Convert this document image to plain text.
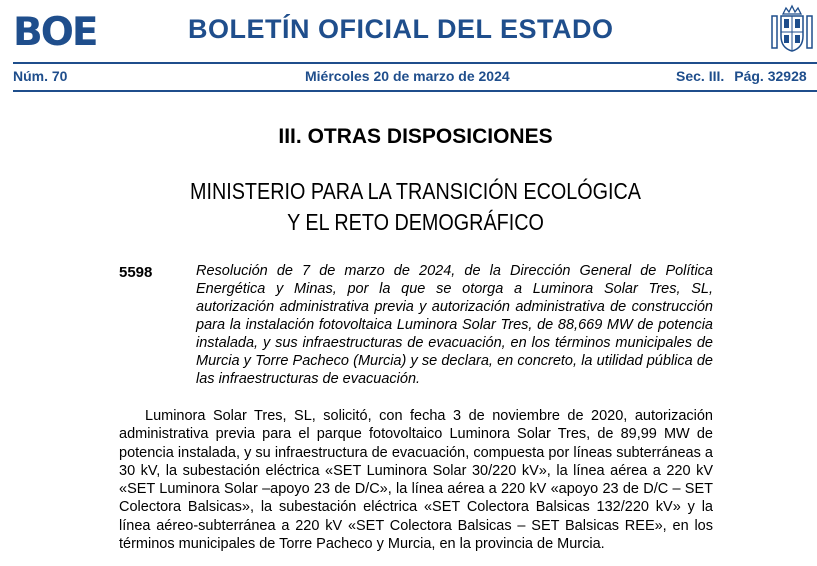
BOE	BOLETÍN OFICIAL DEL ESTADO
Núm. 70	Miércoles 20 de marzo de 2024	Sec. III. Pág. 32928
III. OTRAS DISPOSICIONES
MINISTERIO PARA LA TRANSICIÓN ECOLÓGICA
Y EL RETO DEMOGRÁFICO
5598	Resolución de 7 de marzo de 2024, de la Dirección General de Política Energética y Minas, por la que se otorga a Luminora Solar Tres, SL, autorización administrativa previa y autorización administrativa de construcción para la instalación fotovoltaica Luminora Solar Tres, de 88,669 MW de potencia instalada, y sus infraestructuras de evacuación, en los términos municipales de Murcia y Torre Pacheco (Murcia) y se declara, en concreto, la utilidad pública de las infraestructuras de evacuación.

Luminora Solar Tres, SL, solicitó, con fecha 3 de noviembre de 2020, autorización administrativa previa para el parque fotovoltaico Luminora Solar Tres, de 89,99 MW de potencia instalada, y su infraestructura de evacuación, compuesta por líneas subterráneas a 30 kV, la subestación eléctrica «SET Luminora Solar 30/220 kV», la línea aérea a 220 kV «SET Luminora Solar –apoyo 23 de D/C», la línea aérea a 220 kV «apoyo 23 de D/C – SET Colectora Balsicas», la subestación eléctrica «SET Colectora Balsicas 132/220 kV» y la línea aéreo-subterránea a 220 kV «SET Colectora Balsicas – SET Balsicas REE», en los términos municipales de Torre Pacheco y Murcia, en la provincia de Murcia.
